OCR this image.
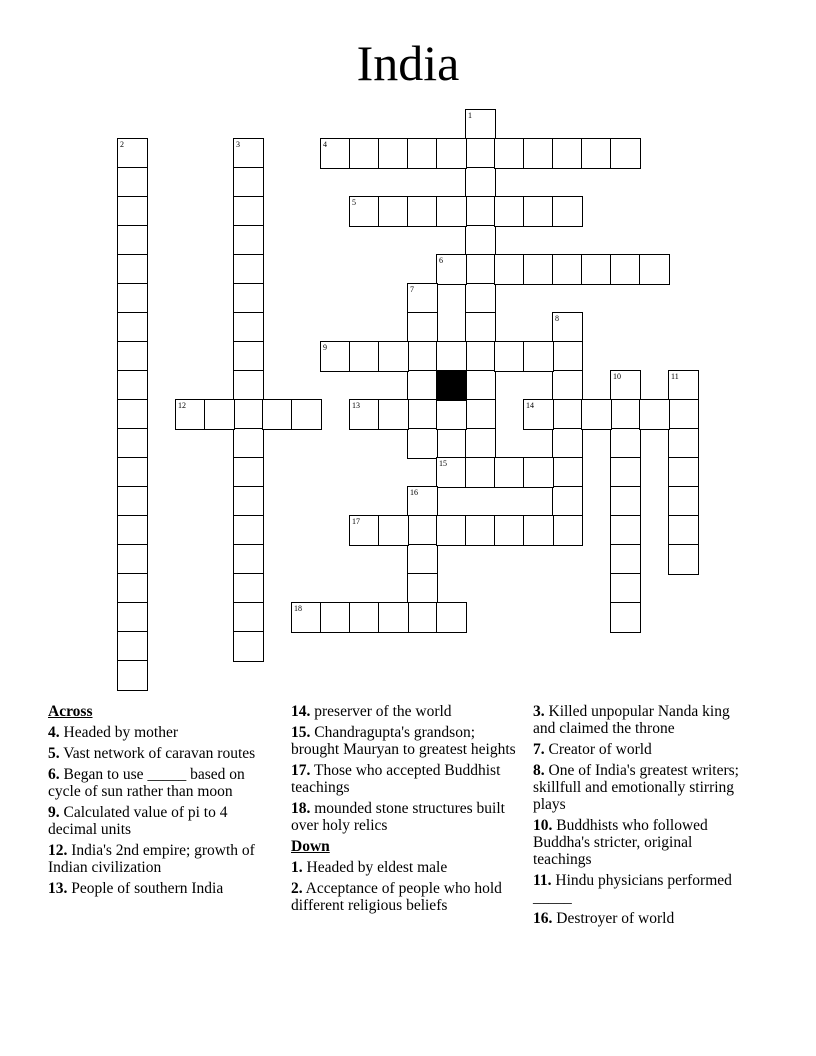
India
1
2	3	4
5
6
7
8
9
10	11
12	13	14
15
16
17
18
Across
4. Headed by mother
5. Vast network of caravan routes
6. Began to use _____ based on cycle of sun rather than moon
9. Calculated value of pi to 4 decimal units
12. India's 2nd empire; growth of Indian civilization
13. People of southern India
14. preserver of the world
15. Chandragupta's grandson; brought Mauryan to greatest heights
17. Those who accepted Buddhist teachings
18. mounded stone structures built over holy relics
Down
1. Headed by eldest male
2. Acceptance of people who hold different religious beliefs
3. Killed unpopular Nanda king and claimed the throne
7. Creator of world
8. One of India's greatest writers; skillfull and emotionally stirring plays
10. Buddhists who followed Buddha's stricter, original teachings
11. Hindu physicians performed _____
16. Destroyer of world
